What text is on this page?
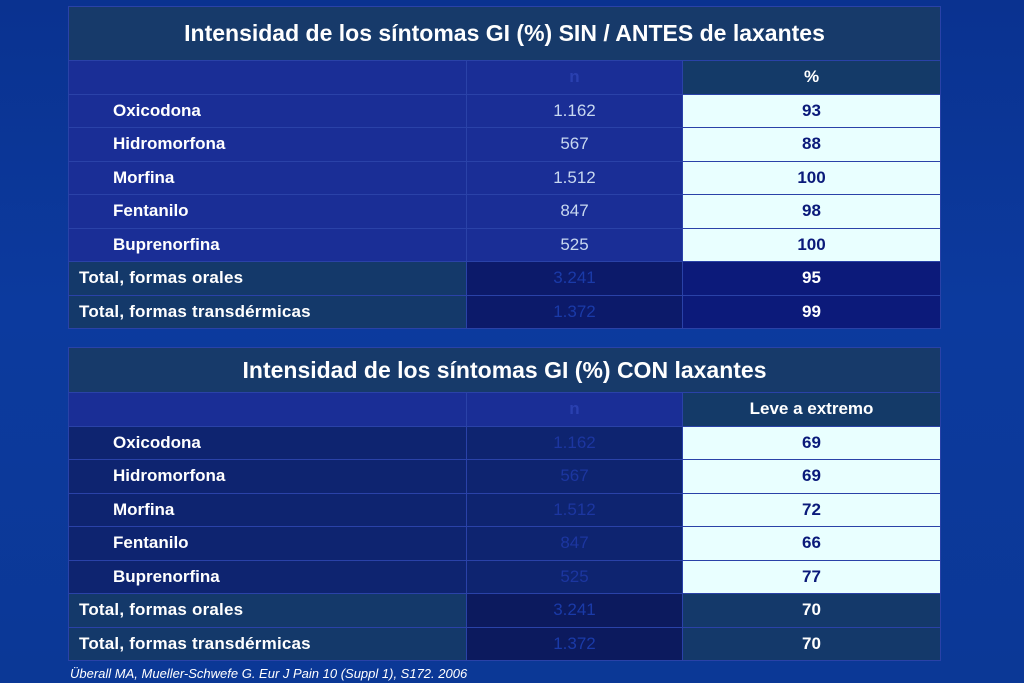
Intensidad de los síntomas GI (%) SIN / ANTES de laxantes		
	n	%
Oxicodona	1.162	93
Hidromorfona	567	88
Morfina	1.512	100
Fentanilo	847	98
Buprenorfina	525	100
Total, formas orales	3.241	95
Total, formas transdérmicas	1.372	99
Intensidad de los síntomas GI (%) CON laxantes		
	n	Leve a extremo
Oxicodona	1.162	69
Hidromorfona	567	69
Morfina	1.512	72
Fentanilo	847	66
Buprenorfina	525	77
Total, formas orales	3.241	70
Total, formas transdérmicas	1.372	70
Überall MA, Mueller-Schwefe G. Eur J Pain 10 (Suppl 1), S172. 2006
